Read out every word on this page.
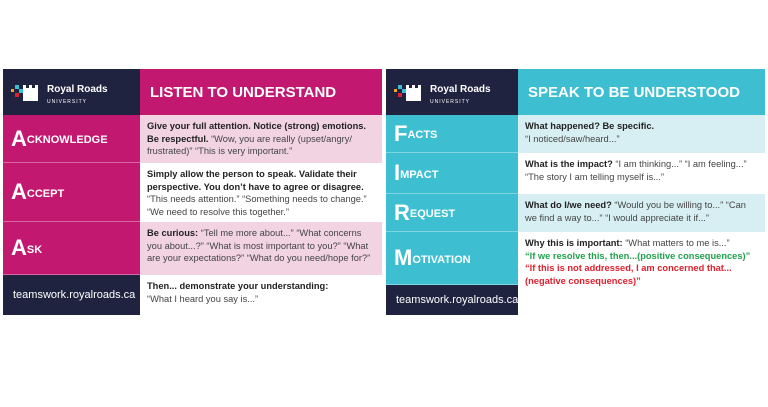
Royal Roads
UNIVERSITY
LISTEN TO UNDERSTAND
A cknowledge
Give your full attention. Notice (strong) emotions. Be respectful. “Wow, you are really (upset/angry/ frustrated)” “This is very important.”
A ccept
Simply allow the person to speak. Validate their perspective. You don’t have to agree or disagree. “This needs attention.” “Something needs to change.” “We need to resolve this together.”
A sk
Be curious: “Tell me more about...” “What concerns you about...?” “What is most important to you?” “What are your expectations?” “What do you need/hope for?”
teamswork.royalroads.ca
Then... demonstrate your understanding:
“What I heard you say is...”
Royal Roads
UNIVERSITY
SPEAK TO BE UNDERSTOOD
F acts	What happened? Be specific.
“I noticed/saw/heard...”
I mpact
What is the impact? “I am thinking...” “I am feeling...” “The story I am telling myself is...”
R equest	What do I/we need? “Would you be willing to...” “Can we find a way to...” “I would appreciate it if...”
M otivation
Why this is important: “What matters to me is...”
“If we resolve this, then...(positive consequences)”
“If this is not addressed, I am concerned that...(negative consequences)”
teamswork.royalroads.ca
